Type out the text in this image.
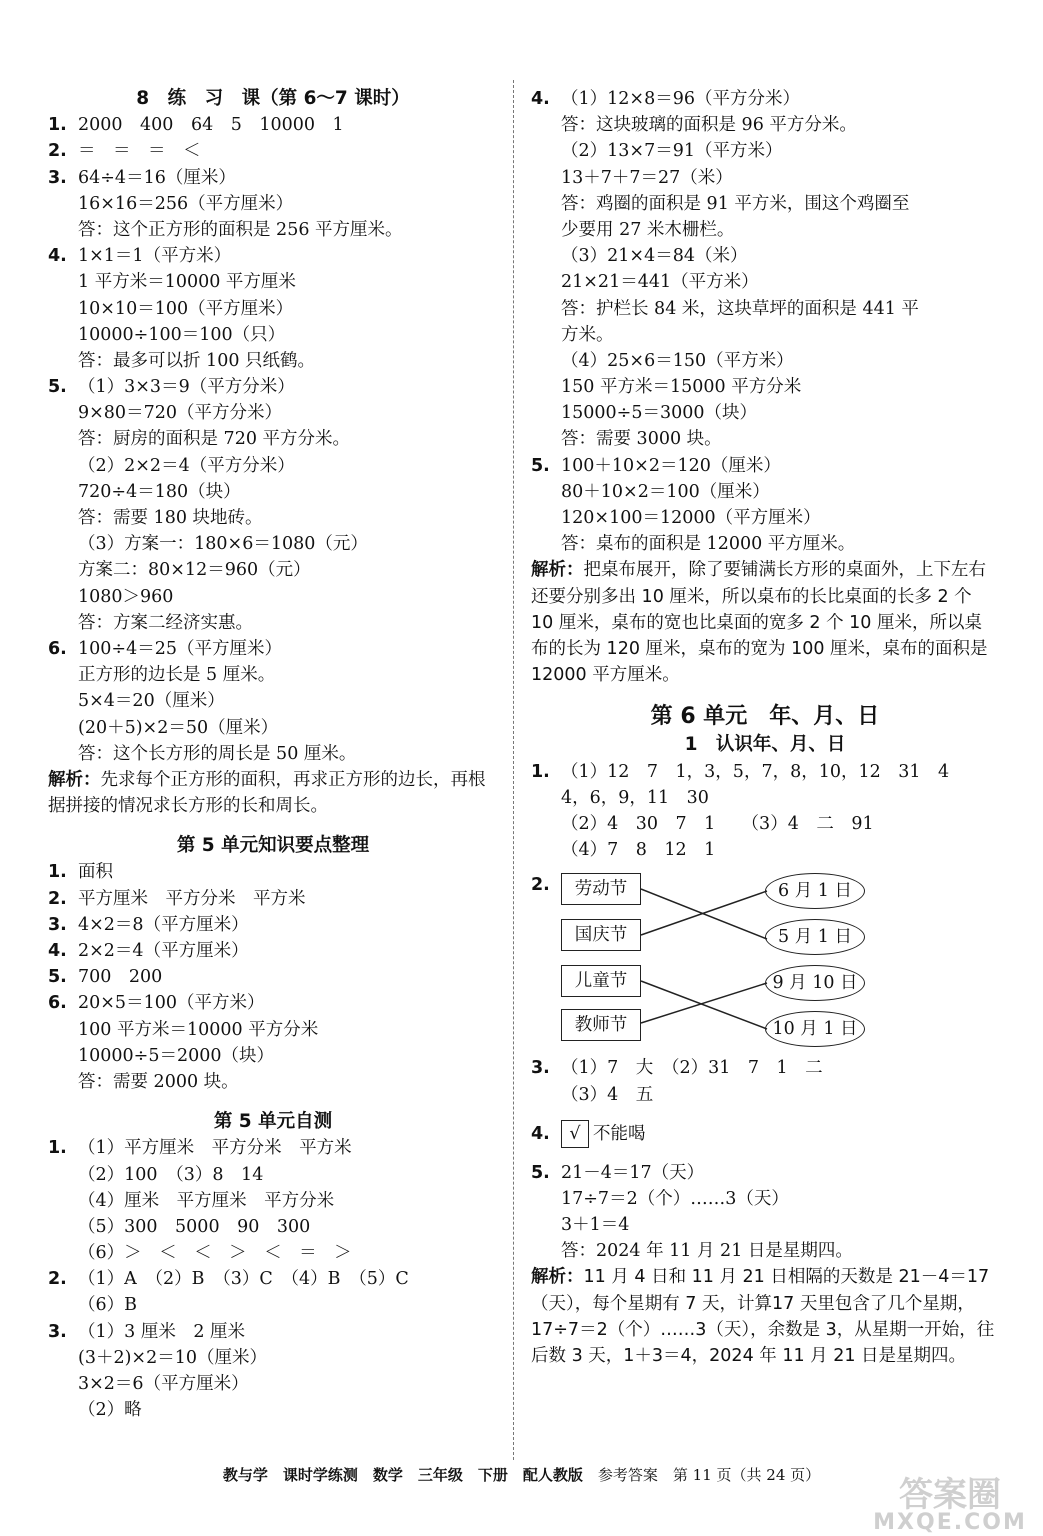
8　练　习　课（第 6～7 课时）
1. 2000　400　64　5　10000　1
2. ＝　＝　＝　＜
3. 64÷4＝16（厘米）
16×16＝256（平方厘米）
答：这个正方形的面积是 256 平方厘米。
4. 1×1＝1（平方米）
1 平方米＝10000 平方厘米
10×10＝100（平方厘米）
10000÷100＝100（只）
答：最多可以折 100 只纸鹤。
5. （1）3×3＝9（平方分米）
9×80＝720（平方分米）
答：厨房的面积是 720 平方分米。
（2）2×2＝4（平方分米）
720÷4＝180（块）
答：需要 180 块地砖。
（3）方案一：180×6＝1080（元）
方案二：80×12＝960（元）
1080＞960
答：方案二经济实惠。
6. 100÷4＝25（平方厘米）
正方形的边长是 5 厘米。
5×4＝20（厘米）
(20＋5)×2＝50（厘米）
答：这个长方形的周长是 50 厘米。
解析：先求每个正方形的面积，再求正方形的边长，再根据拼接的情况求长方形的长和周长。
第 5 单元知识要点整理
1. 面积
2. 平方厘米　平方分米　平方米
3. 4×2＝8（平方厘米）
4. 2×2＝4（平方厘米）
5. 700　200
6. 20×5＝100（平方米）
100 平方米＝10000 平方分米
10000÷5＝2000（块）
答：需要 2000 块。
第 5 单元自测
1. （1）平方厘米　平方分米　平方米
（2）100　（3）8　14
（4）厘米　平方厘米　平方分米
（5）300　5000　90　300
（6）＞　＜　＜　＞　＜　＝　＞
2. （1）A　（2）B　（3）C　（4）B　（5）C
（6）B
3. （1）3 厘米　2 厘米
(3＋2)×2＝10（厘米）
3×2＝6（平方厘米）
（2）略
4. （1）12×8＝96（平方分米）
答：这块玻璃的面积是 96 平方分米。
（2）13×7＝91（平方米）
13＋7＋7＝27（米）
答：鸡圈的面积是 91 平方米，围这个鸡圈至
少要用 27 米木栅栏。
（3）21×4＝84（米）
21×21＝441（平方米）
答：护栏长 84 米，这块草坪的面积是 441 平
方米。
（4）25×6＝150（平方米）
150 平方米＝15000 平方分米
15000÷5＝3000（块）
答：需要 3000 块。
5. 100＋10×2＝120（厘米）
80＋10×2＝100（厘米）
120×100＝12000（平方厘米）
答：桌布的面积是 12000 平方厘米。
解析：把桌布展开，除了要铺满长方形的桌面外，上下左右还要分别多出 10 厘米，所以桌布的长比桌面的长多 2 个 10 厘米，桌布的宽也比桌面的宽多 2 个 10 厘米，所以桌布的长为 120 厘米，桌布的宽为 100 厘米，桌布的面积是 12000 平方厘米。
第 6 单元　年、月、日
1　认识年、月、日
1. （1）12　7　1，3，5，7，8，10，12　31　4
4，6，9，11　30
（2）4　30　7　1　　（3）4　二　91
（4）7　8　12　1
2.	劳动节
国庆节
儿童节
教师节
6 月 1 日
5 月 1 日
9 月 10 日
10 月 1 日
3. （1）7　大　（2）31　7　1　二
（3）4　五
4. √ 不能喝
5. 21－4＝17（天）
17÷7＝2（个）……3（天）
3＋1＝4
答：2024 年 11 月 21 日是星期四。
解析：11 月 4 日和 11 月 21 日相隔的天数是 21－4＝17（天），每个星期有 7 天，计算17 天里包含了几个星期，17÷7＝2（个）……3（天），余数是 3，从星期一开始，往后数 3 天，1＋3＝4，2024 年 11 月 21 日是星期四。
教与学　课时学练测　数学　三年级　下册　配人教版　 参考答案　第 11 页（共 24 页）	答案圈
MXQE.COM
